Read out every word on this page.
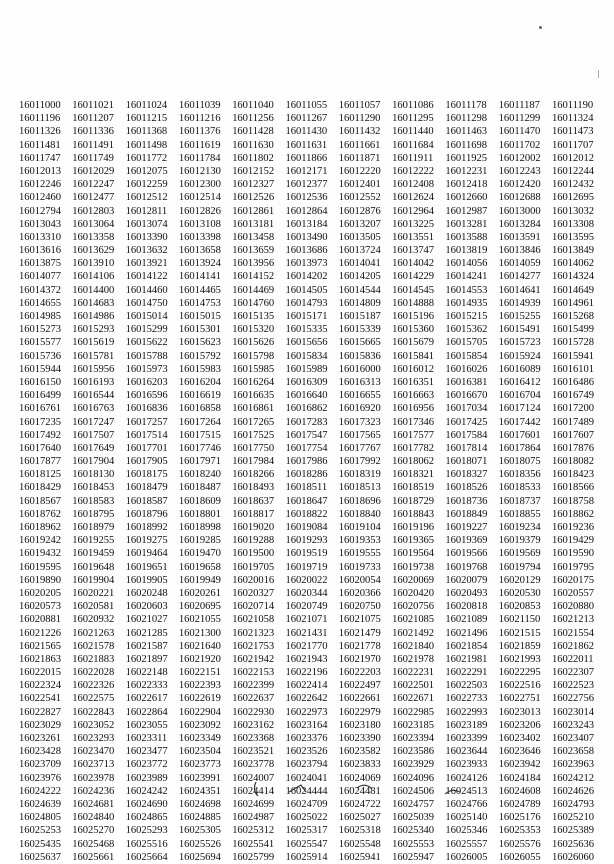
16011000	16011021	16011024	16011039	16011040	16011055	16011057	16011086	16011178	16011187	16011190
16011196	16011207	16011215	16011216	16011256	16011267	16011290	16011295	16011298	16011299	16011324
16011326	16011336	16011368	16011376	16011428	16011430	16011432	16011440	16011463	16011470	16011473
16011481	16011491	16011498	16011619	16011630	16011631	16011661	16011684	16011698	16011702	16011707
16011747	16011749	16011772	16011784	16011802	16011866	16011871	16011911	16011925	16012002	16012012
16012013	16012029	16012075	16012130	16012152	16012171	16012220	16012222	16012231	16012243	16012244
16012246	16012247	16012259	16012300	16012327	16012377	16012401	16012408	16012418	16012420	16012432
16012460	16012477	16012512	16012514	16012526	16012536	16012552	16012624	16012660	16012688	16012695
16012794	16012803	16012811	16012826	16012861	16012864	16012876	16012964	16012987	16013000	16013032
16013043	16013064	16013074	16013108	16013181	16013184	16013207	16013225	16013281	16013284	16013308
16013310	16013358	16013390	16013398	16013458	16013490	16013505	16013551	16013588	16013591	16013595
16013616	16013629	16013632	16013658	16013659	16013686	16013724	16013747	16013819	16013846	16013849
16013875	16013910	16013921	16013924	16013956	16013973	16014041	16014042	16014056	16014059	16014062
16014077	16014106	16014122	16014141	16014152	16014202	16014205	16014229	16014241	16014277	16014324
16014372	16014400	16014460	16014465	16014469	16014505	16014544	16014545	16014553	16014641	16014649
16014655	16014683	16014750	16014753	16014760	16014793	16014809	16014888	16014935	16014939	16014961
16014985	16014986	16015014	16015015	16015135	16015171	16015187	16015196	16015215	16015255	16015268
16015273	16015293	16015299	16015301	16015320	16015335	16015339	16015360	16015362	16015491	16015499
16015577	16015619	16015622	16015623	16015626	16015656	16015665	16015679	16015705	16015723	16015728
16015736	16015781	16015788	16015792	16015798	16015834	16015836	16015841	16015854	16015924	16015941
16015944	16015956	16015973	16015983	16015985	16015989	16016000	16016012	16016026	16016089	16016101
16016150	16016193	16016203	16016204	16016264	16016309	16016313	16016351	16016381	16016412	16016486
16016499	16016544	16016596	16016619	16016635	16016640	16016655	16016663	16016670	16016704	16016749
16016761	16016763	16016836	16016858	16016861	16016862	16016920	16016956	16017034	16017124	16017200
16017235	16017247	16017257	16017264	16017265	16017283	16017323	16017346	16017425	16017442	16017489
16017492	16017507	16017514	16017515	16017525	16017547	16017565	16017577	16017584	16017601	16017607
16017640	16017649	16017701	16017746	16017750	16017754	16017767	16017782	16017814	16017864	16017876
16017877	16017904	16017905	16017971	16017984	16017986	16017992	16018062	16018071	16018075	16018082
16018125	16018130	16018175	16018240	16018266	16018286	16018319	16018321	16018327	16018356	16018423
16018429	16018453	16018479	16018487	16018493	16018511	16018513	16018519	16018526	16018533	16018566
16018567	16018583	16018587	16018609	16018637	16018647	16018696	16018729	16018736	16018737	16018758
16018762	16018795	16018796	16018801	16018817	16018822	16018840	16018843	16018849	16018855	16018862
16018962	16018979	16018992	16018998	16019020	16019084	16019104	16019196	16019227	16019234	16019236
16019242	16019255	16019275	16019285	16019288	16019293	16019353	16019365	16019369	16019379	16019429
16019432	16019459	16019464	16019470	16019500	16019519	16019555	16019564	16019566	16019569	16019590
16019595	16019648	16019651	16019658	16019705	16019719	16019733	16019738	16019768	16019794	16019795
16019890	16019904	16019905	16019949	16020016	16020022	16020054	16020069	16020079	16020129	16020175
16020205	16020221	16020248	16020261	16020327	16020344	16020366	16020420	16020493	16020530	16020557
16020573	16020581	16020603	16020695	16020714	16020749	16020750	16020756	16020818	16020853	16020880
16020881	16020932	16021027	16021055	16021058	16021071	16021075	16021085	16021089	16021150	16021213
16021226	16021263	16021285	16021300	16021323	16021431	16021479	16021492	16021496	16021515	16021554
16021565	16021578	16021587	16021640	16021753	16021770	16021778	16021840	16021854	16021859	16021862
16021863	16021883	16021897	16021920	16021942	16021943	16021970	16021978	16021981	16021993	16022011
16022015	16022028	16022148	16022151	16022153	16022196	16022203	16022231	16022291	16022295	16022307
16022324	16022326	16022333	16022393	16022399	16022414	16022497	16022501	16022503	16022516	16022523
16022541	16022575	16022617	16022619	16022637	16022642	16022661	16022671	16022733	16022751	16022756
16022827	16022843	16022864	16022904	16022930	16022973	16022979	16022985	16022993	16023013	16023014
16023029	16023052	16023055	16023092	16023162	16023164	16023180	16023185	16023189	16023206	16023243
16023261	16023293	16023311	16023349	16023368	16023376	16023390	16023394	16023399	16023402	16023407
16023428	16023470	16023477	16023504	16023521	16023526	16023582	16023586	16023644	16023646	16023658
16023709	16023713	16023772	16023773	16023778	16023794	16023833	16023929	16023933	16023942	16023963
16023976	16023978	16023989	16023991	16024007	16024041	16024069	16024096	16024126	16024184	16024212
16024222	16024236	16024242	16024351	16024414	16024444	16024481	16024506	16024513	16024608	16024626
16024639	16024681	16024690	16024698	16024699	16024709	16024722	16024757	16024766	16024789	16024793
16024805	16024840	16024865	16024885	16024987	16025022	16025027	16025039	16025140	16025176	16025210
16025253	16025270	16025293	16025305	16025312	16025317	16025318	16025340	16025346	16025353	16025389
16025435	16025468	16025516	16025526	16025541	16025547	16025548	16025553	16025557	16025576	16025636
16025637	16025661	16025664	16025694	16025799	16025914	16025941	16025947	16026005	16026055	16026060
